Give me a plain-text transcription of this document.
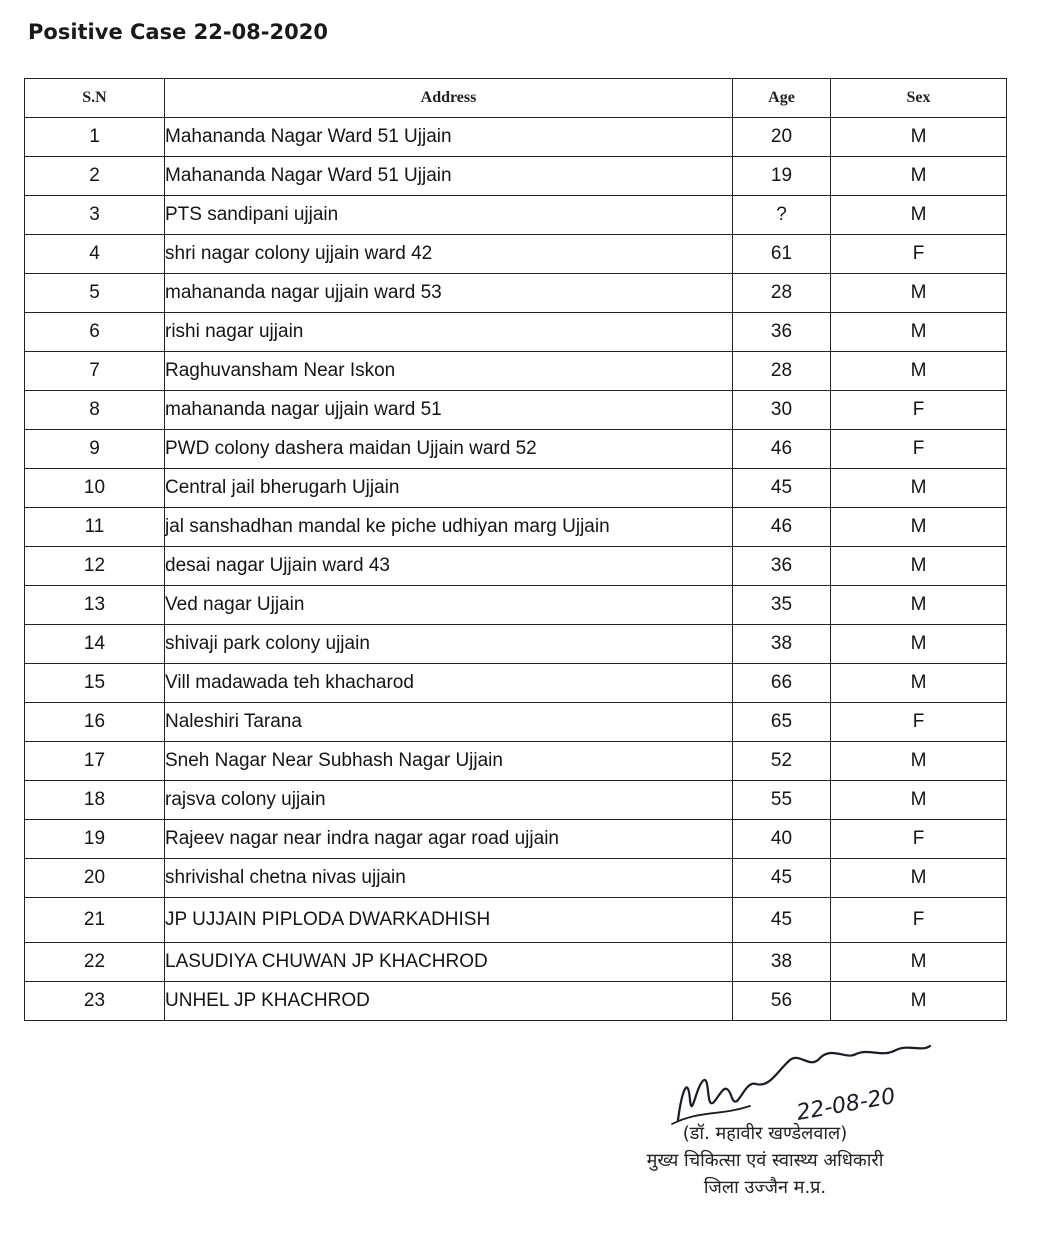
Positive Case 22-08-2020
S.N	Address	Age	Sex
1	Mahananda Nagar Ward 51 Ujjain	20	M
2	Mahananda Nagar Ward 51 Ujjain	19	M
3	PTS sandipani ujjain	?	M
4	shri nagar colony ujjain ward 42	61	F
5	mahananda nagar ujjain ward 53	28	M
6	rishi nagar ujjain	36	M
7	Raghuvansham Near Iskon	28	M
8	mahananda nagar ujjain ward 51	30	F
9	PWD colony dashera maidan Ujjain ward 52	46	F
10	Central jail bherugarh Ujjain	45	M
11	jal sanshadhan mandal ke piche udhiyan marg Ujjain	46	M
12	desai nagar Ujjain ward 43	36	M
13	Ved nagar Ujjain	35	M
14	shivaji park colony ujjain	38	M
15	Vill madawada teh khacharod	66	M
16	Naleshiri Tarana	65	F
17	Sneh Nagar Near Subhash Nagar Ujjain	52	M
18	rajsva colony ujjain	55	M
19	Rajeev nagar near indra nagar agar road ujjain	40	F
20	shrivishal chetna nivas ujjain	45	M
21	JP UJJAIN PIPLODA DWARKADHISH	45	F
22	LASUDIYA CHUWAN JP KHACHROD	38	M
23	UNHEL JP KHACHROD	56	M
22-08-20
(डॉ. महावीर खण्डेलवाल)
मुख्य चिकित्सा एवं स्वास्थ्य अधिकारी
जिला उज्जैन म.प्र.
